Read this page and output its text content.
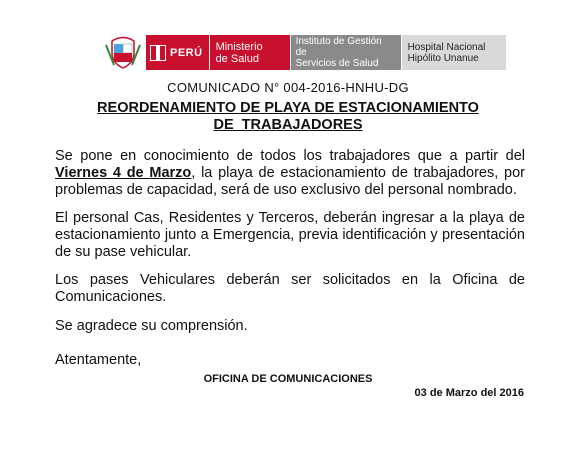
PERÚ Ministerio
de Salud
Instituto de Gestión de
Servicios de Salud
Hospital Nacional
Hipólito Unanue
COMUNICADO N° 004-2016-HNHU-DG
REORDENAMIENTO DE PLAYA DE ESTACIONAMIENTO
DE  TRABAJADORES
Se pone en conocimiento de todos los trabajadores que a partir del Viernes 4 de Marzo, la playa de estacionamiento de trabajadores, por problemas de capacidad, será de uso exclusivo del personal nombrado.
El personal Cas, Residentes y Terceros, deberán ingresar a la playa de estacionamiento junto a Emergencia, previa identificación y presentación de su pase vehicular.
Los pases Vehiculares deberán ser solicitados en la Oficina de Comunicaciones.
Se agradece su comprensión.
Atentamente,
OFICINA DE COMUNICACIONES
03 de Marzo del 2016
